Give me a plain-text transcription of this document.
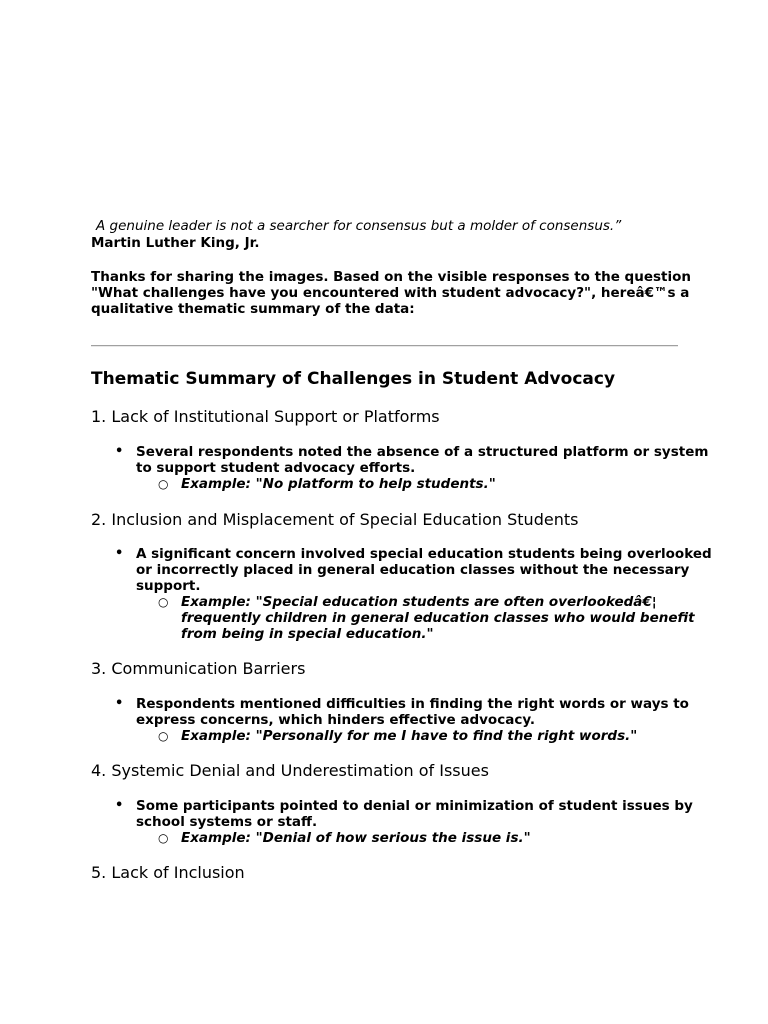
A genuine leader is not a searcher for consensus but a molder of consensus.”
Martin Luther King, Jr.
Thanks for sharing the images. Based on the visible responses to the question
"What challenges have you encountered with student advocacy?", hereâ€™s a
qualitative thematic summary of the data:
Thematic Summary of Challenges in Student Advocacy
1. Lack of Institutional Support or Platforms
• Several respondents noted the absence of a structured platform or system
to support student advocacy efforts.
○ Example: "No platform to help students."
2. Inclusion and Misplacement of Special Education Students
• A significant concern involved special education students being overlooked
or incorrectly placed in general education classes without the necessary
support.
○ Example: "Special education students are often overlookedâ€¦
frequently children in general education classes who would benefit
from being in special education."
3. Communication Barriers
• Respondents mentioned difficulties in finding the right words or ways to
express concerns, which hinders effective advocacy.
○ Example: "Personally for me I have to find the right words."
4. Systemic Denial and Underestimation of Issues
• Some participants pointed to denial or minimization of student issues by
school systems or staff.
○ Example: "Denial of how serious the issue is."
5. Lack of Inclusion
